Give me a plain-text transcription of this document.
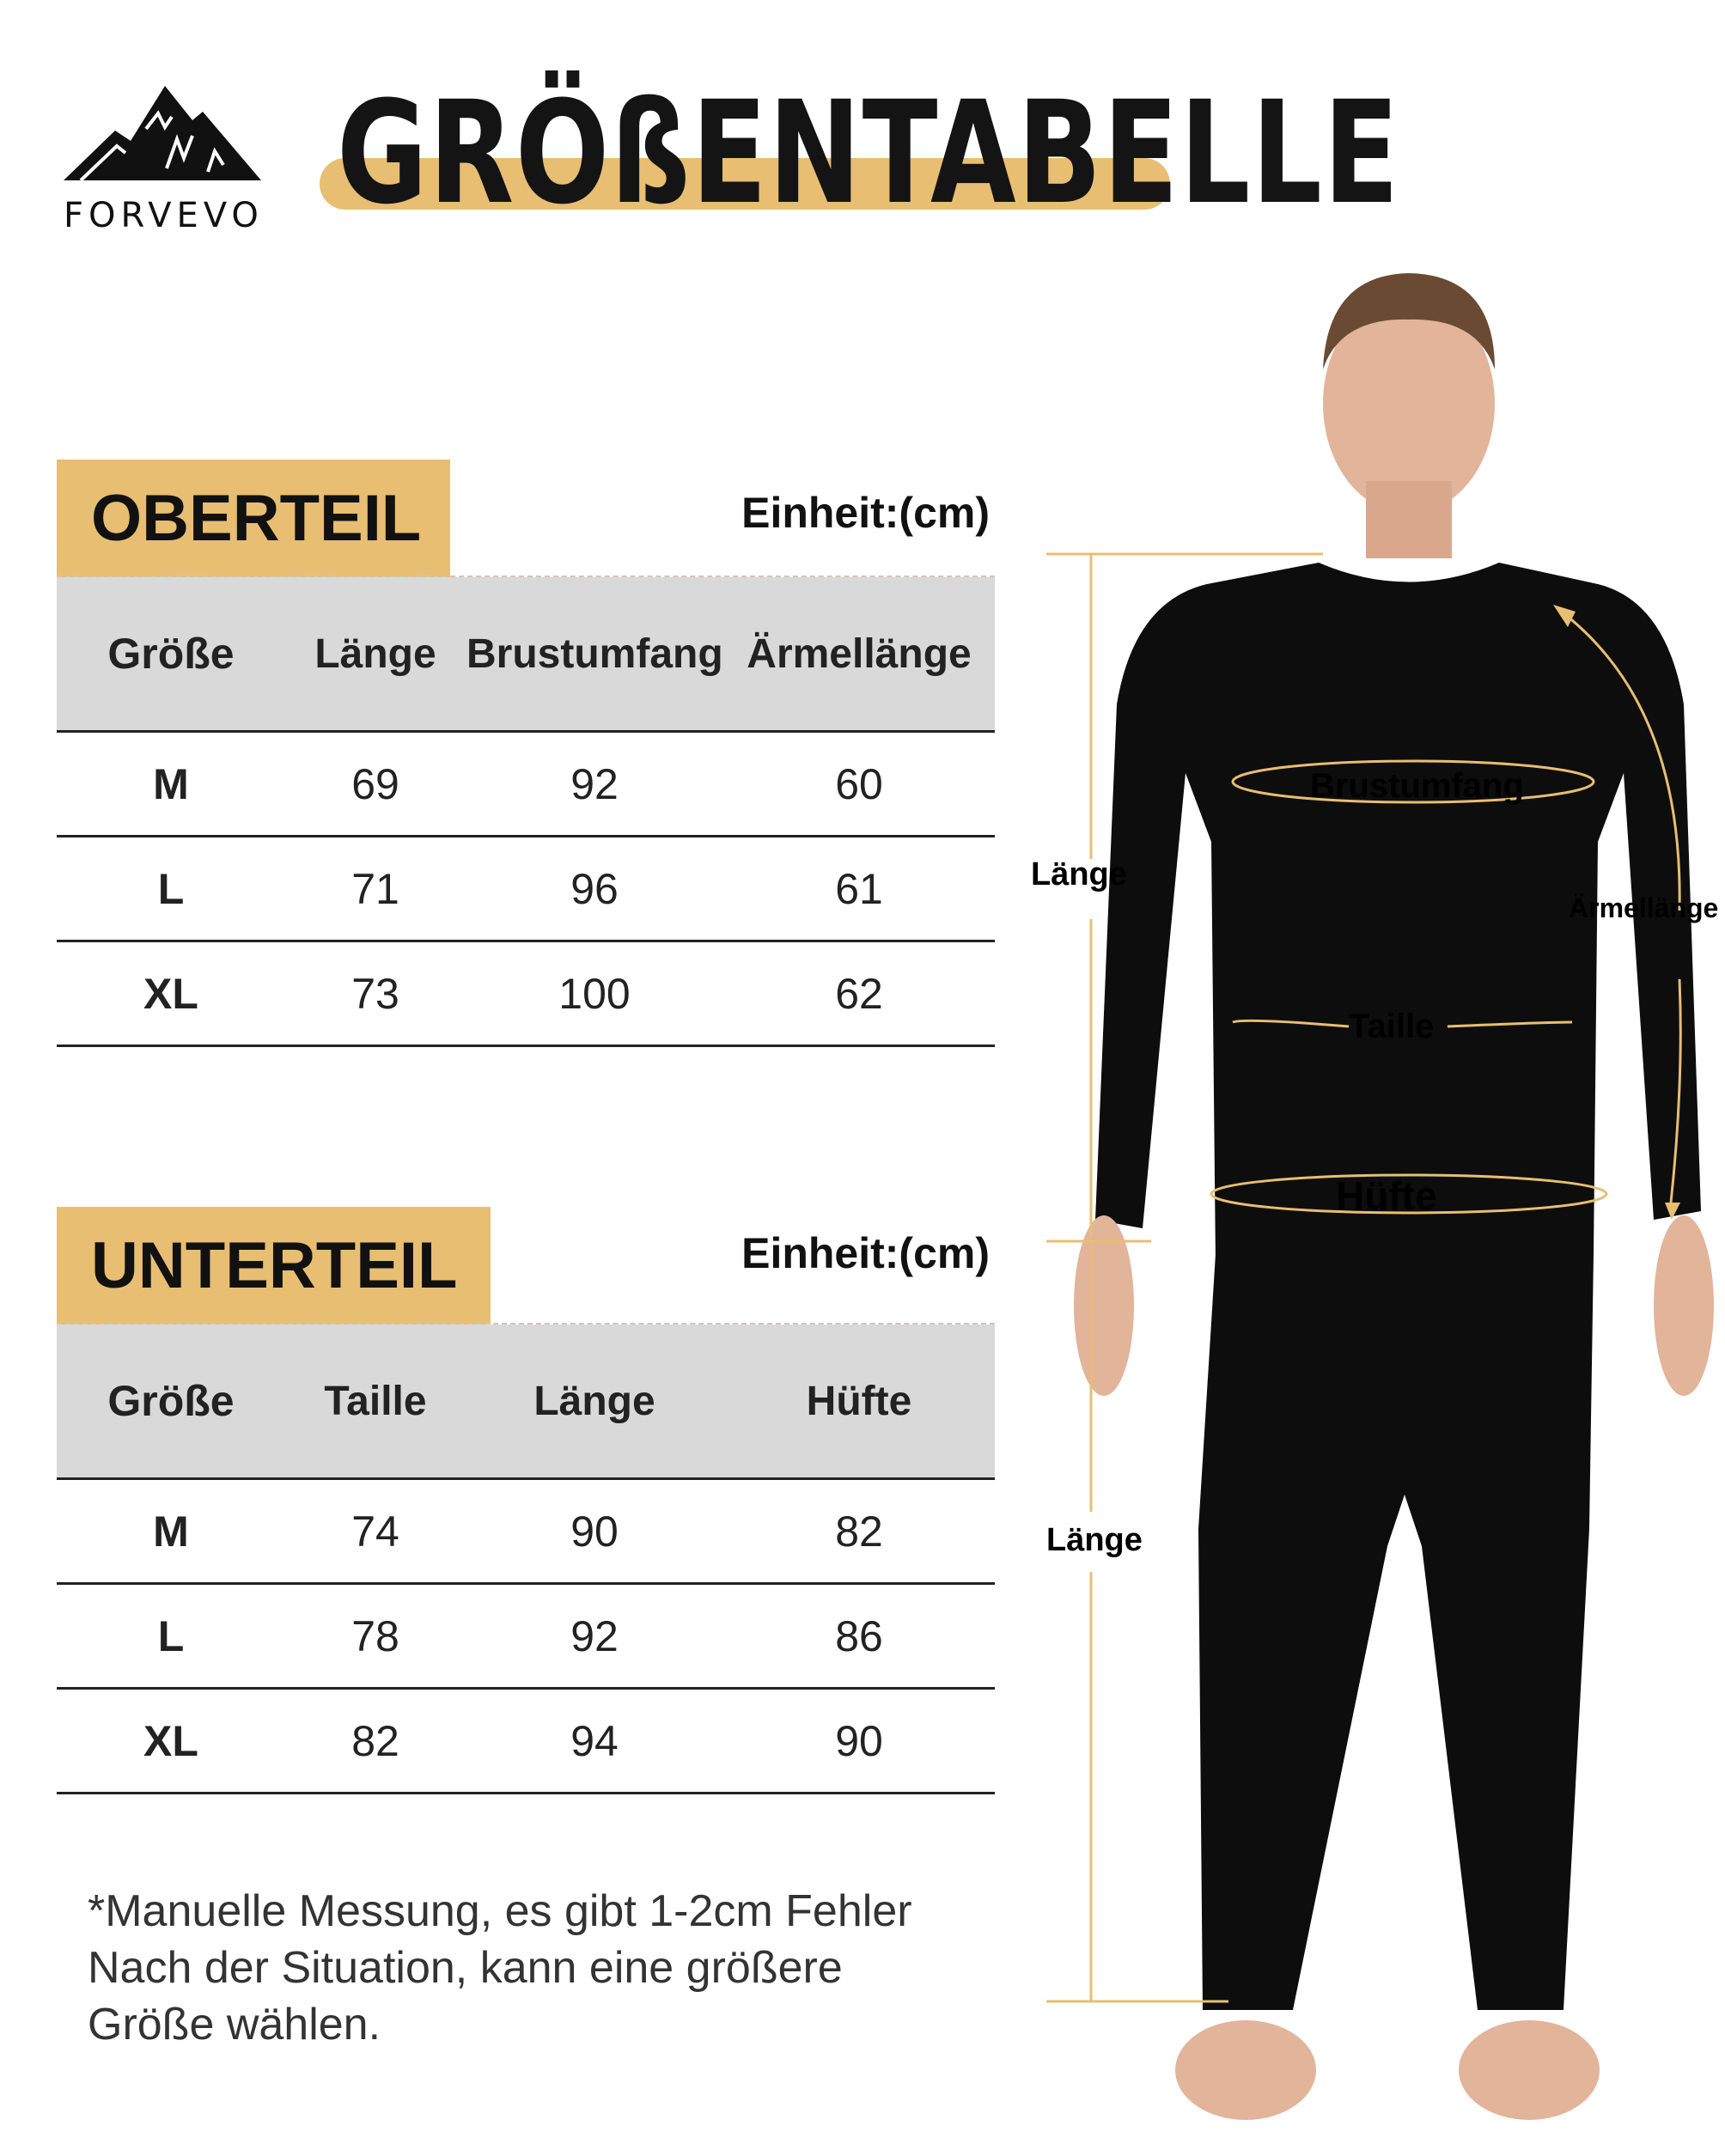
FORVEVO GRÖßENTABELLE
OBERTEIL	Einheit:(cm)
Größe	Länge	Brustumfang	Ärmellänge
M	69	92	60
L	71	96	61
XL	73	100	62
UNTERTEIL	Einheit:(cm)
Größe	Taille	Länge	Hüfte
M	74	90	82
L	78	92	86
XL	82	94	90
*Manuelle Messung, es gibt 1-2cm Fehler
Nach der Situation, kann eine größere
Größe wählen.
Länge
Länge
Brustumfang
Ärmellänge
Taille
Hüfte
